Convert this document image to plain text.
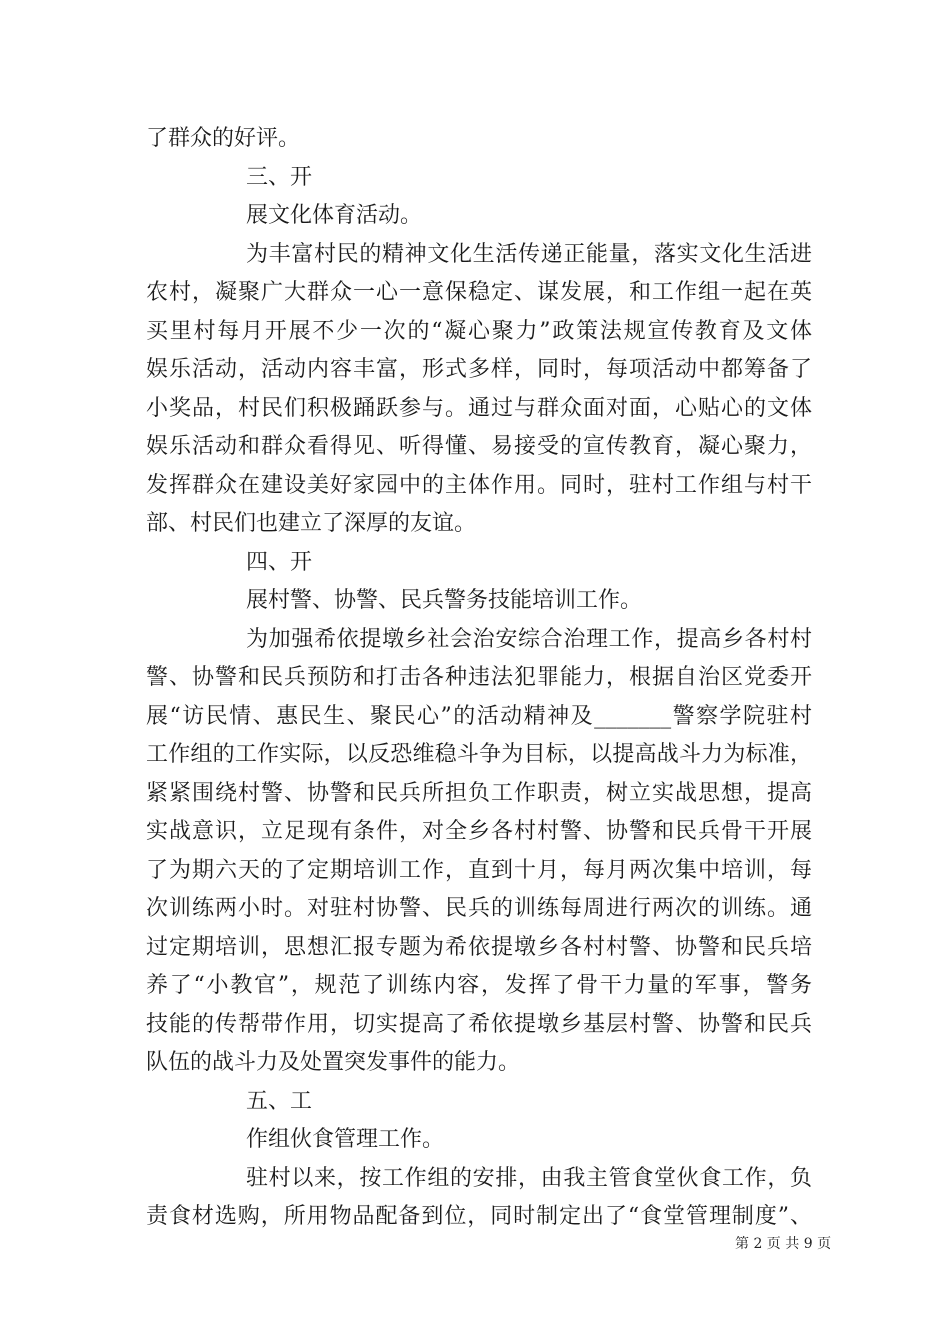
了群众的好评。
三、开
展文化体育活动。
为丰富村民的精神文化生活传递正能量，落实文化生活进
农村，凝聚广大群众一心一意保稳定、谋发展，和工作组一起在英
买里村每月开展不少一次的“凝心聚力”政策法规宣传教育及文体
娱乐活动，活动内容丰富，形式多样，同时，每项活动中都筹备了
小奖品，村民们积极踊跃参与。通过与群众面对面，心贴心的文体
娱乐活动和群众看得见、听得懂、易接受的宣传教育，凝心聚力，
发挥群众在建设美好家园中的主体作用。同时，驻村工作组与村干
部、村民们也建立了深厚的友谊。
四、开
展村警、协警、民兵警务技能培训工作。
为加强希依提墩乡社会治安综合治理工作，提高乡各村村
警、协警和民兵预防和打击各种违法犯罪能力，根据自治区党委开
展“访民情、惠民生、聚民心”的活动精神及_______警察学院驻村
工作组的工作实际，以反恐维稳斗争为目标，以提高战斗力为标准，
紧紧围绕村警、协警和民兵所担负工作职责，树立实战思想，提高
实战意识，立足现有条件，对全乡各村村警、协警和民兵骨干开展
了为期六天的了定期培训工作，直到十月，每月两次集中培训，每
次训练两小时。对驻村协警、民兵的训练每周进行两次的训练。通
过定期培训，思想汇报专题为希依提墩乡各村村警、协警和民兵培
养了“小教官”，规范了训练内容，发挥了骨干力量的军事，警务
技能的传帮带作用，切实提高了希依提墩乡基层村警、协警和民兵
队伍的战斗力及处置突发事件的能力。
五、工
作组伙食管理工作。
驻村以来，按工作组的安排，由我主管食堂伙食工作，负
责食材选购，所用物品配备到位，同时制定出了“食堂管理制度”、
第 2 页 共 9 页
